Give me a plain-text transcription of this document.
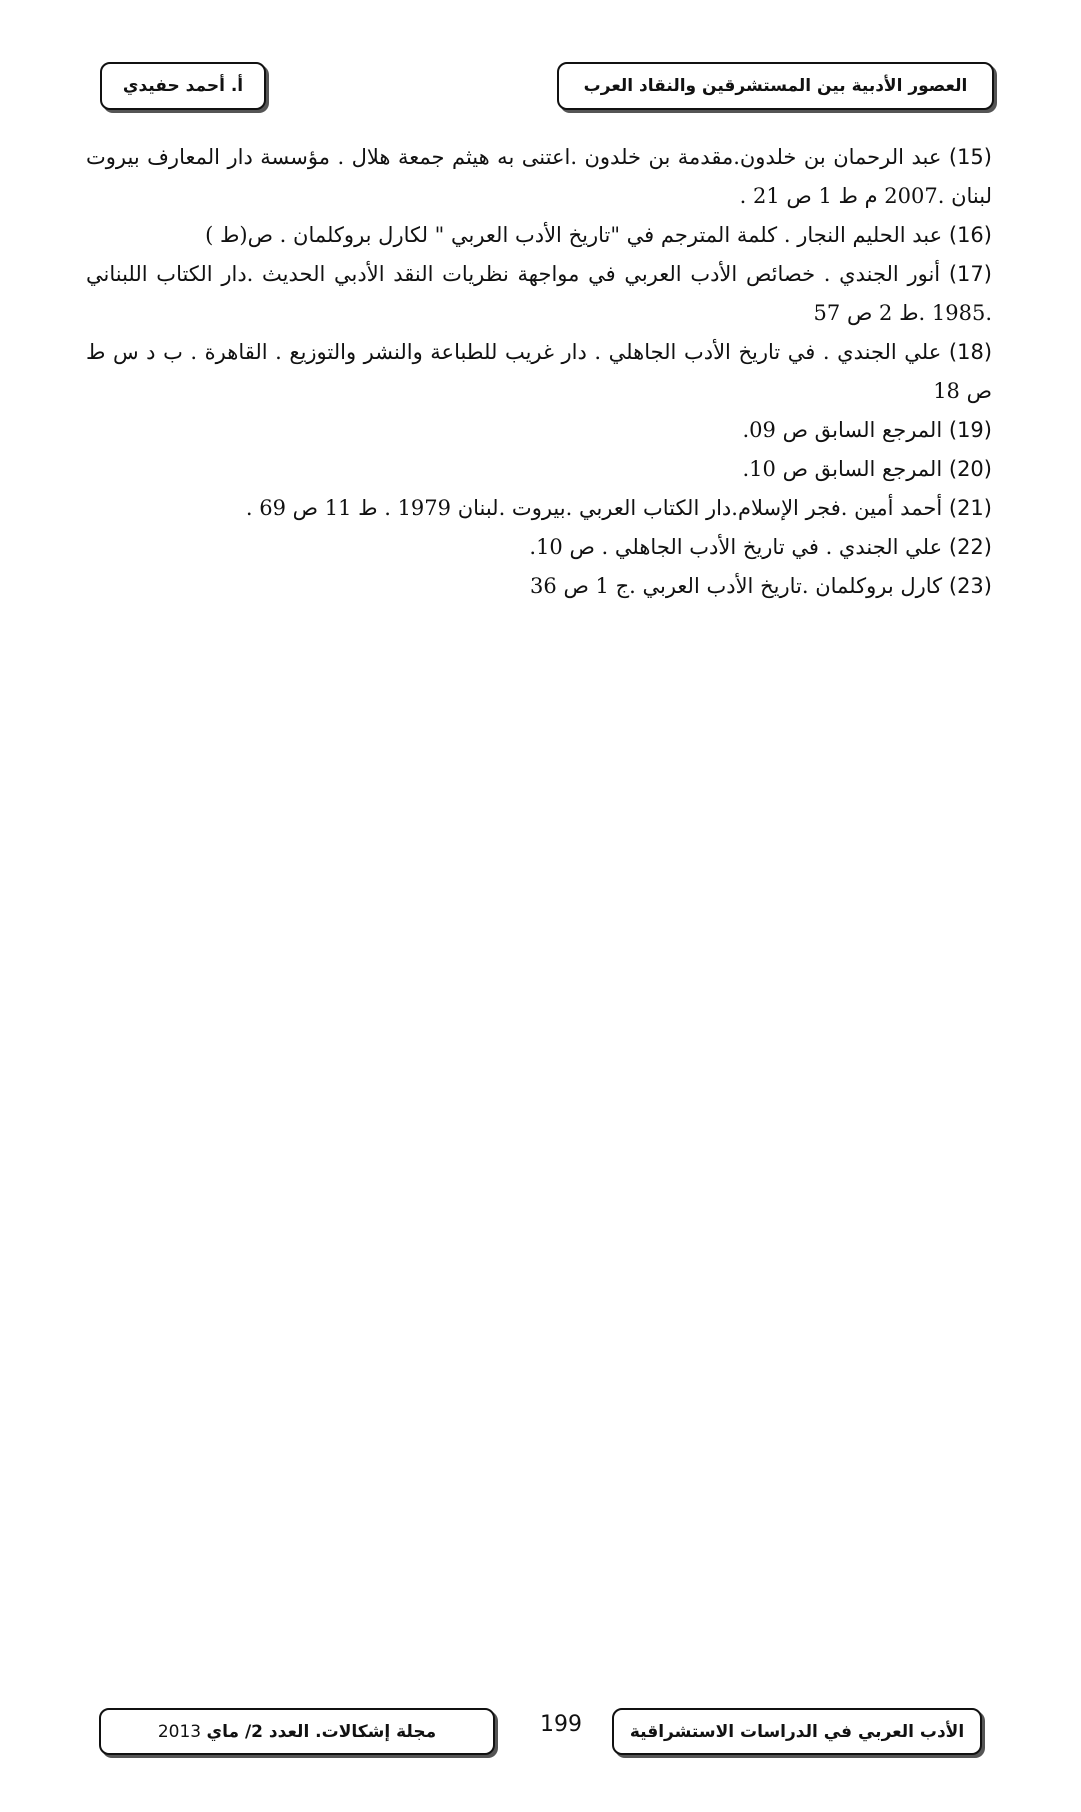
العصور الأدبية بين المستشرقين والنقاد العرب
أ. أحمد حفيدي

(15) عبد الرحمان بن خلدون.مقدمة بن خلدون .اعتنى به هيثم جمعة هلال . مؤسسة دار المعارف بيروت لبنان .2007 م ط 1 ص 21 .

(16) عبد الحليم النجار . كلمة المترجم في "تاريخ الأدب العربي " لكارل بروكلمان . ص(ط )

(17) أنور الجندي . خصائص الأدب العربي في مواجهة نظريات النقد الأدبي الحديث .دار الكتاب اللبناني .1985 .ط 2 ص 57

(18) علي الجندي . في تاريخ الأدب الجاهلي . دار غريب للطباعة والنشر والتوزيع . القاهرة . ب د س ط ص 18

(19) المرجع السابق ص 09.

(20) المرجع السابق ص 10.

(21) أحمد أمين .فجر الإسلام.دار الكتاب العربي .بيروت .لبنان 1979 . ط 11 ص 69 .

(22) علي الجندي . في تاريخ الأدب الجاهلي . ص 10.

(23) كارل بروكلمان .تاريخ الأدب العربي .ج 1 ص 36

الأدب العربي في الدراسات الاستشراقية
199
مجلة إشكالات. العدد 2/ ماي

2013
